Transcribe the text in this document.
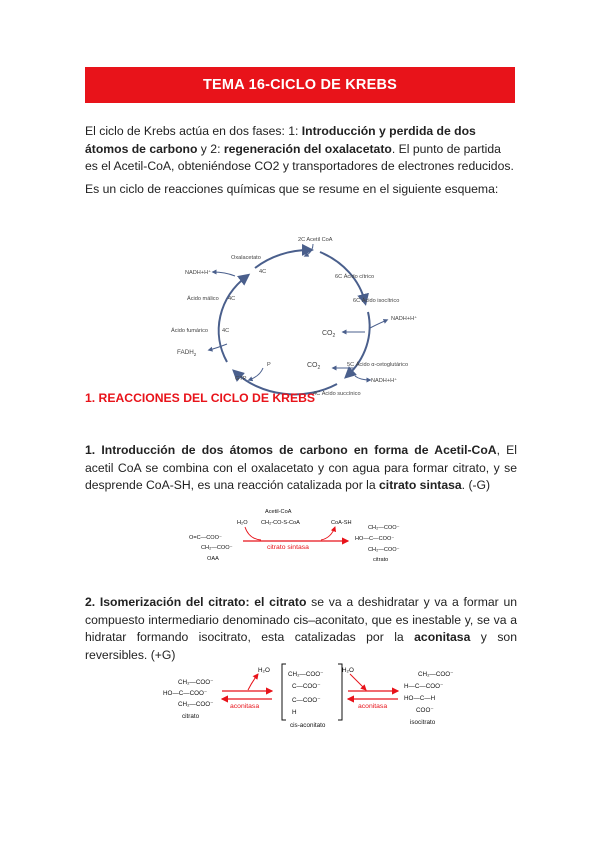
TEMA 16-CICLO DE KREBS

El ciclo de Krebs actúa en dos fases: 1: Introducción y perdida de dos átomos de carbono y 2: regeneración del oxalacetato. El punto de partida es el Acetil-CoA, obteniéndose CO2 y transportadores de electrones reducidos.

Es un ciclo de reacciones químicas que se resume en el siguiente esquema:

2C Acetil CoA
6C Ácido cítrico
6C Ácido isocítrico
NADH+H⁺
$CO_2$
$CO_2$	5C Ácido α-cetoglutárico
NADH+H⁺
4C Ácido succínico
P
GTP
$FADH_2$
Ácido fumárico	4C
Ácido málico 4C
NADH+H⁺
Oxalacetato
4C
1. REACCIONES DEL CICLO DE KREBS

1. Introducción de dos átomos de carbono en forma de Acetil-CoA, El acetil CoA se combina con el oxalacetato y con agua para formar citrato, y se desprende CoA-SH, es una reacción catalizada por la citrato sintasa. (-G)

Acetil-CoA
CH₂-CO-S-CoA
H₂O	CoA-SH
O=C—COO⁻
CH₂—COO⁻
OAA
citrato sintasa
CH₂—COO⁻
HO—C—COO⁻
CH₂—COO⁻
citrato

2. Isomerización del citrato: el citrato se va a deshidratar y va a formar un compuesto intermediario denominado cis–aconitato, que es inestable y, se va a hidratar formando isocitrato, esta catalizadas por la aconitasa y son reversibles. (+G)

CH₂—COO⁻
HO—C—COO⁻
CH₂—COO⁻
citrato
H₂O
aconitasa
CH₂—COO⁻
C—COO⁻
C—COO⁻
H
cis-aconitato
H₂O
aconitasa
CH₂—COO⁻
H—C—COO⁻
HO—C—H
COO⁻
isocitrato
